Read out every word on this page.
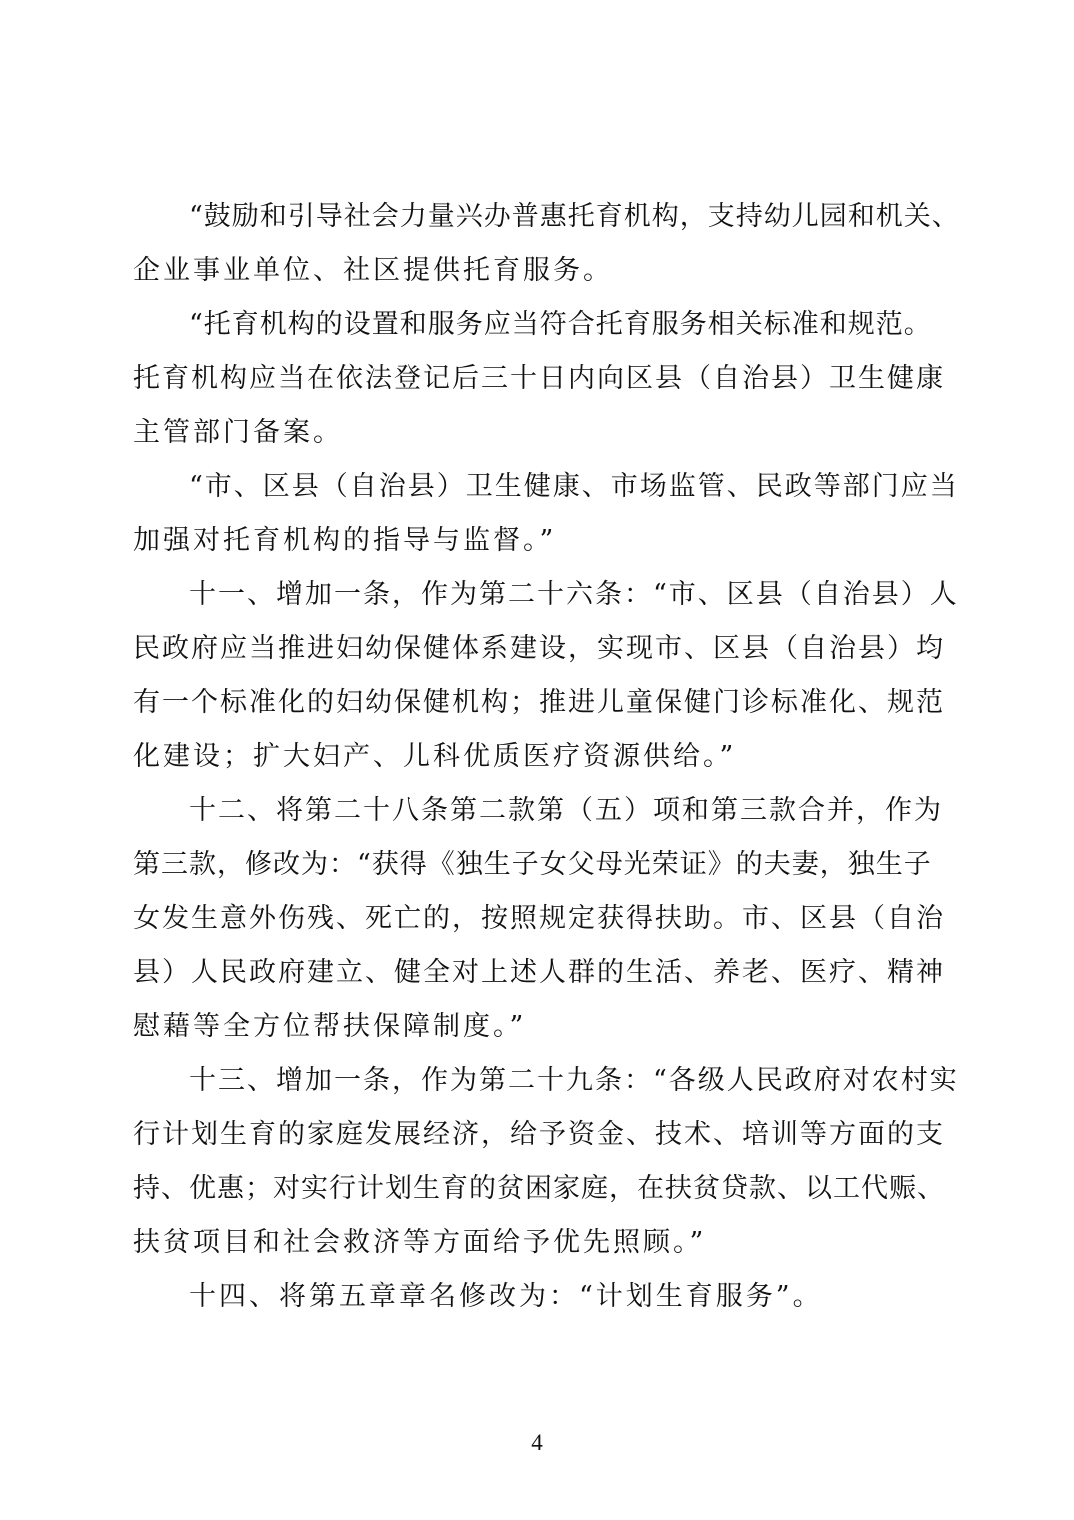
“鼓励和引导社会力量兴办普惠托育机构，支持幼儿园和机关、
企业事业单位、社区提供托育服务。
“托育机构的设置和服务应当符合托育服务相关标准和规范。
托育机构应当在依法登记后三十日内向区县（自治县）卫生健康
主管部门备案。
“市、区县（自治县）卫生健康、市场监管、民政等部门应当
加强对托育机构的指导与监督。”
十一、增加一条，作为第二十六条：“市、区县（自治县）人
民政府应当推进妇幼保健体系建设，实现市、区县（自治县）均
有一个标准化的妇幼保健机构；推进儿童保健门诊标准化、规范
化建设；扩大妇产、儿科优质医疗资源供给。”
十二、将第二十八条第二款第（五）项和第三款合并，作为
第三款，修改为：“获得《独生子女父母光荣证》的夫妻，独生子
女发生意外伤残、死亡的，按照规定获得扶助。市、区县（自治
县）人民政府建立、健全对上述人群的生活、养老、医疗、精神
慰藉等全方位帮扶保障制度。”
十三、增加一条，作为第二十九条：“各级人民政府对农村实
行计划生育的家庭发展经济，给予资金、技术、培训等方面的支
持、优惠；对实行计划生育的贫困家庭，在扶贫贷款、以工代赈、
扶贫项目和社会救济等方面给予优先照顾。”
十四、将第五章章名修改为：“计划生育服务”。
4
